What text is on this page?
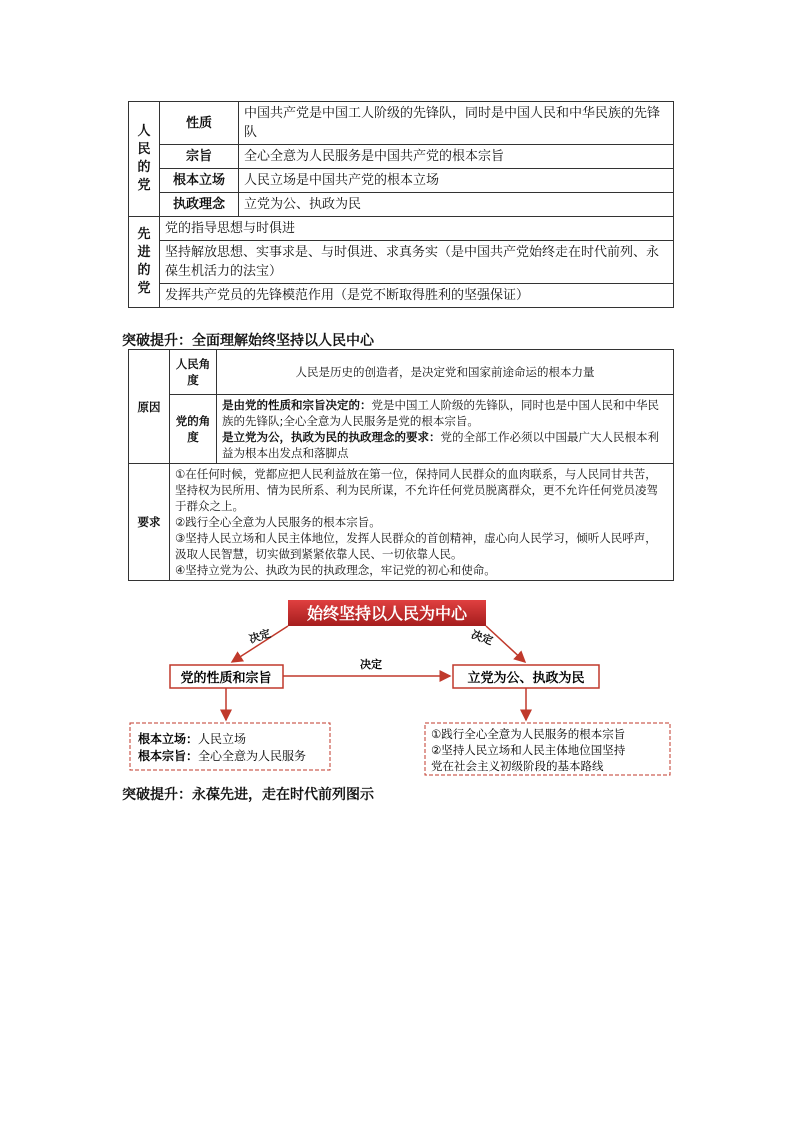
人
民
的
党	性质	中国共产党是中国工人阶级的先锋队，同时是中国人民和中华民族的先锋队
	宗旨	全心全意为人民服务是中国共产党的根本宗旨
	根本立场	人民立场是中国共产党的根本立场
	执政理念	立党为公、执政为民
先
进
的
党	党的指导思想与时俱进	
	坚持解放思想、实事求是、与时俱进、求真务实（是中国共产党始终走在时代前列、永葆生机活力的法宝）	
	发挥共产党员的先锋模范作用（是党不断取得胜利的坚强保证）	
突破提升：全面理解始终坚持以人民中心
原因	人民角度	人民是历史的创造者，是决定党和国家前途命运的根本力量
	党的角度	是由党的性质和宗旨决定的：党是中国工人阶级的先锋队，同时也是中国人民和中华民族的先锋队;全心全意为人民服务是党的根本宗旨。
是立党为公，执政为民的执政理念的要求：党的全部工作必须以中国最广大人民根本利益为根本出发点和落脚点
要求	①在任何时候，党都应把人民利益放在第一位，保持同人民群众的血肉联系，与人民同甘共苦，坚持权为民所用、情为民所系、利为民所谋，不允许任何党员脱离群众，更不允许任何党员凌驾于群众之上。
②践行全心全意为人民服务的根本宗旨。
③坚持人民立场和人民主体地位，发挥人民群众的首创精神，虚心向人民学习，倾听人民呼声，汲取人民智慧，切实做到紧紧依靠人民、一切依靠人民。
④坚持立党为公、执政为民的执政理念，牢记党的初心和使命。	
始终坚持以人民为中心
决定	决定
党的性质和宗旨	立党为公、执政为民
决定
根本立场：人民立场
根本宗旨：全心全意为人民服务
①践行全心全意为人民服务的根本宗旨
②坚持人民立场和人民主体地位国坚持 党在社会主义初级阶段的基本路线
突破提升：永葆先进，走在时代前列图示
